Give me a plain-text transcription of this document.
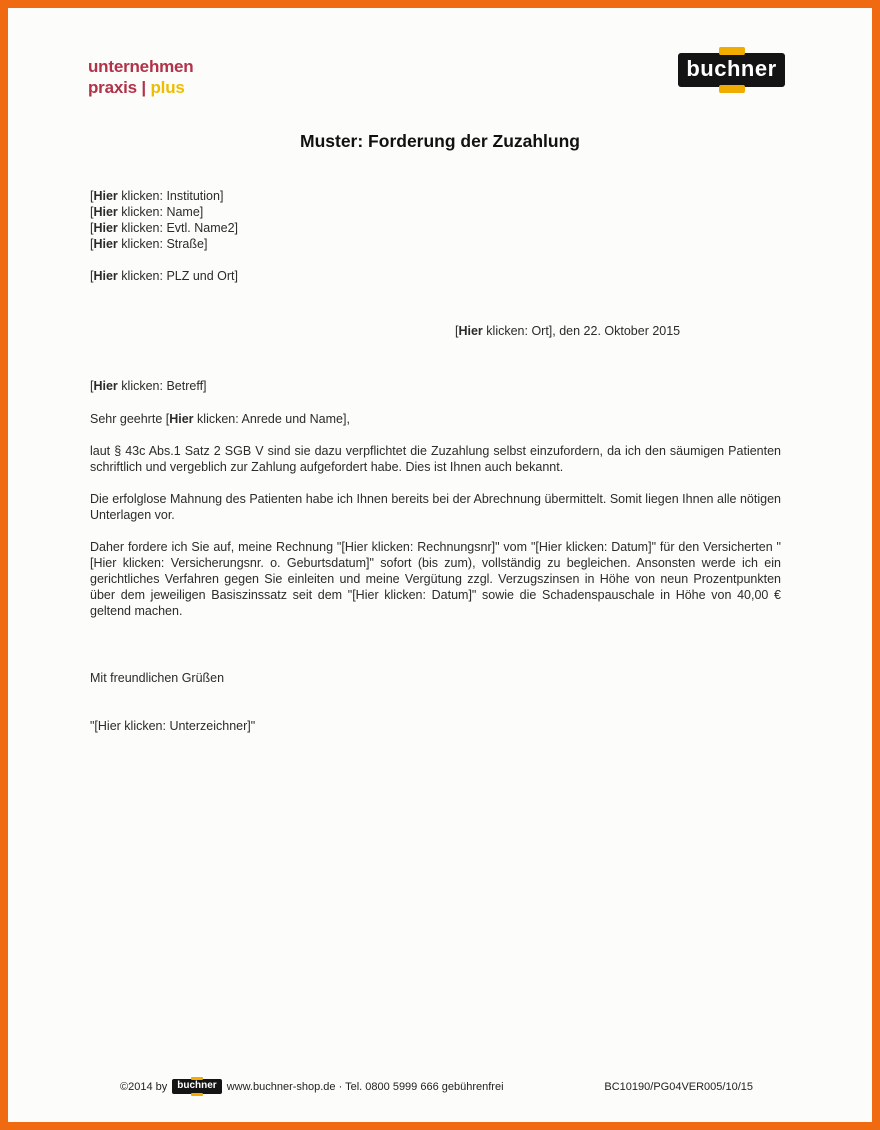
unternehmen
praxis | plus
buchner
Muster: Forderung der Zuzahlung
[Hier klicken: Institution]
[Hier klicken: Name]
[Hier klicken: Evtl. Name2]
[Hier klicken: Straße]
[Hier klicken: PLZ und Ort]
[Hier klicken: Ort], den 22. Oktober 2015
[Hier klicken: Betreff]
Sehr geehrte [Hier klicken: Anrede und Name],

laut § 43c Abs.1 Satz 2 SGB V sind sie dazu verpflichtet die Zuzahlung selbst einzufordern, da ich den säumigen Patienten schriftlich und vergeblich zur Zahlung aufgefordert habe. Dies ist Ihnen auch bekannt.

Die erfolglose Mahnung des Patienten habe ich Ihnen bereits bei der Abrechnung übermittelt. Somit liegen Ihnen alle nötigen Unterlagen vor.

Daher fordere ich Sie auf, meine Rechnung "[Hier klicken: Rechnungsnr]" vom "[Hier klicken: Datum]" für den Versicherten "[Hier klicken: Versicherungsnr. o. Geburtsdatum]" sofort (bis zum), vollständig zu begleichen. Ansonsten werde ich ein gerichtliches Verfahren gegen Sie einleiten und meine Vergütung zzgl. Verzugszinsen in Höhe von neun Prozentpunkten über dem jeweiligen Basiszinssatz seit dem "[Hier klicken: Datum]" sowie die Schadenspauschale in Höhe von 40,00 € geltend machen.

Mit freundlichen Grüßen
"[Hier klicken: Unterzeichner]"
©2014 by buchner www.buchner-shop.de · Tel. 0800 5999 666 gebührenfrei	BC10190/PG04VER005/10/15
